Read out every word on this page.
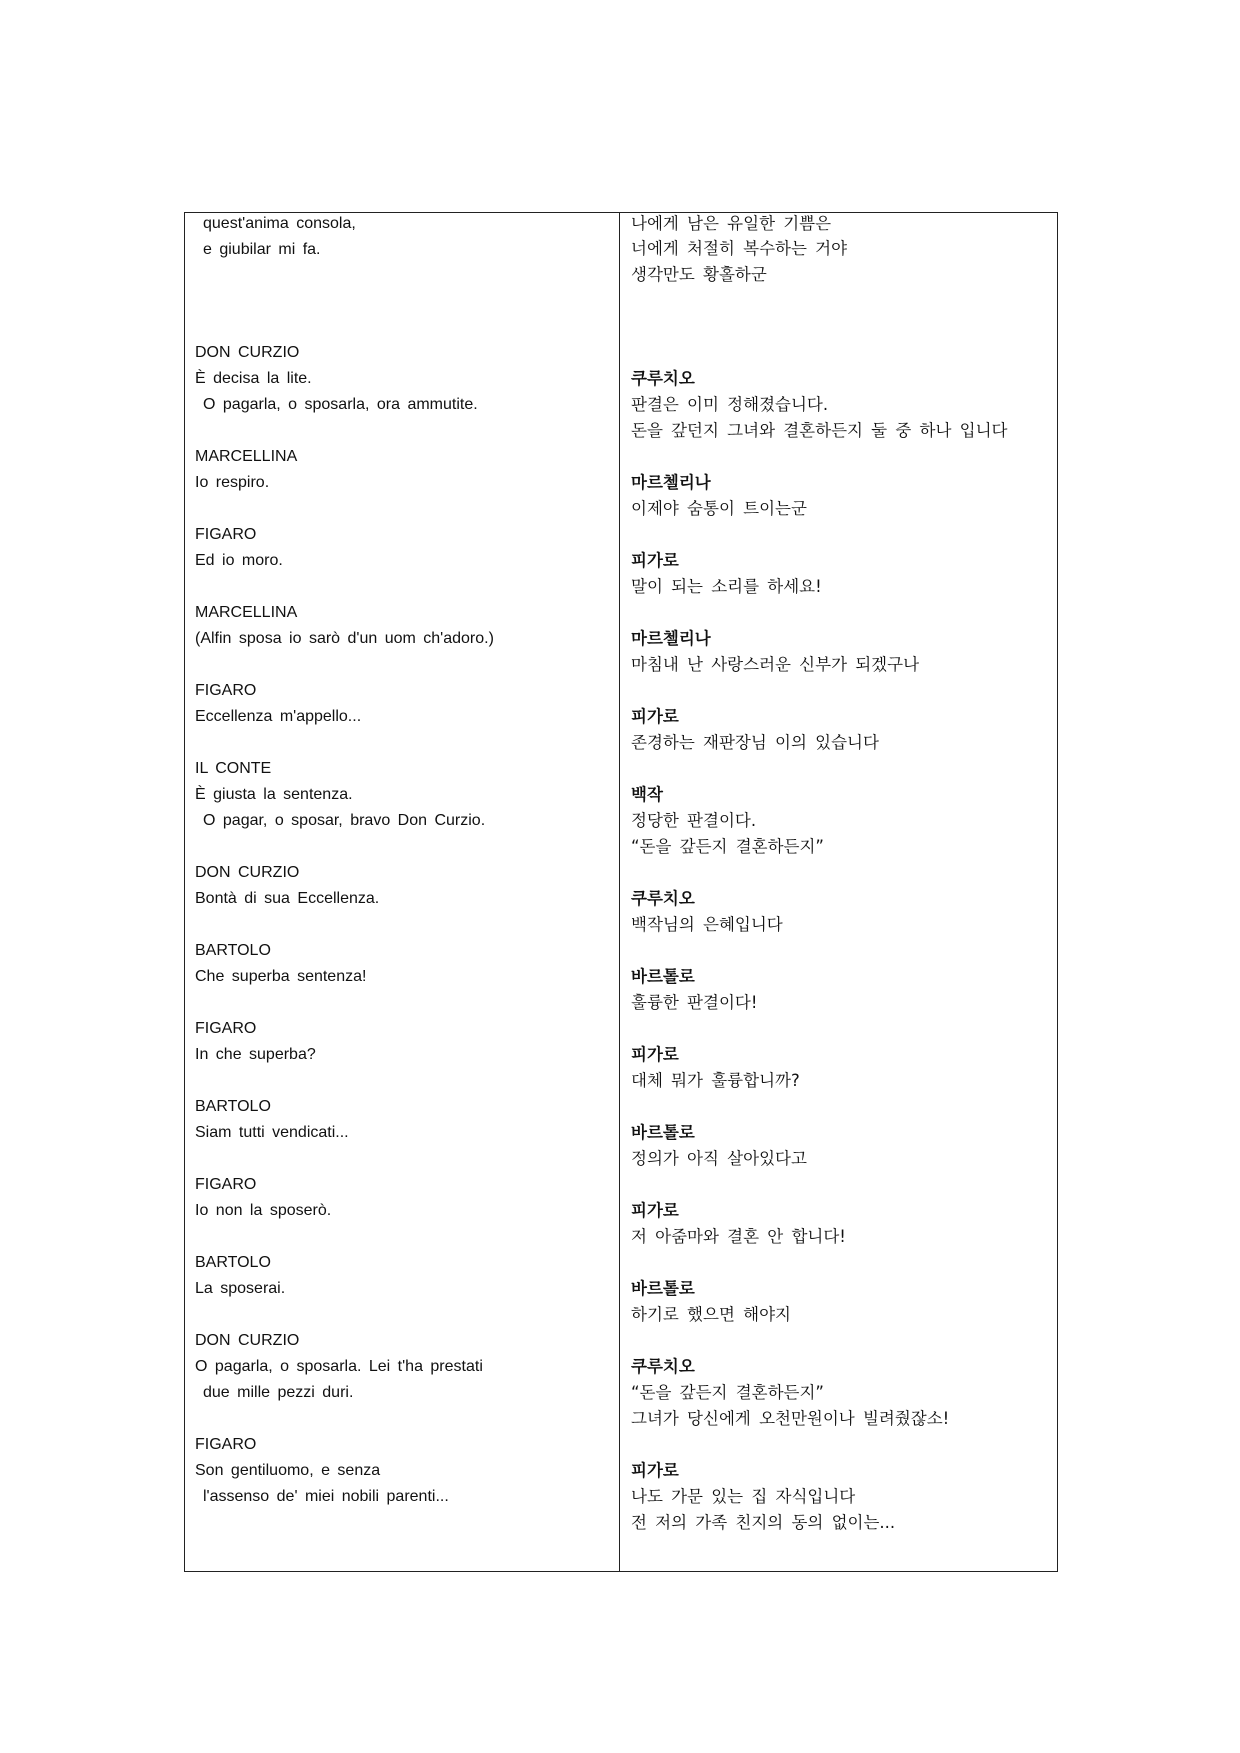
quest'anima consola,
e giubilar mi fa.
DON CURZIO
È decisa la lite.
O pagarla, o sposarla, ora ammutite.
MARCELLINA
Io respiro.
FIGARO
Ed io moro.
MARCELLINA
(Alfin sposa io sarò d'un uom ch'adoro.)
FIGARO
Eccellenza m'appello...
IL CONTE
È giusta la sentenza.
O pagar, o sposar, bravo Don Curzio.
DON CURZIO
Bontà di sua Eccellenza.
BARTOLO
Che superba sentenza!
FIGARO
In che superba?
BARTOLO
Siam tutti vendicati...
FIGARO
Io non la sposerò.
BARTOLO
La sposerai.
DON CURZIO
O pagarla, o sposarla. Lei t'ha prestati
due mille pezzi duri.
FIGARO
Son gentiluomo, e senza
l'assenso de' miei nobili parenti...
나에게 남은 유일한 기쁨은
너에게 처절히 복수하는 거야
생각만도 황홀하군
쿠루치오
판결은 이미 정해졌습니다.
돈을 갚던지 그녀와 결혼하든지 둘 중 하나 입니다
마르첼리나
이제야 숨통이 트이는군
피가로
말이 되는 소리를 하세요!
마르첼리나
마침내 난 사랑스러운 신부가 되겠구나
피가로
존경하는 재판장님 이의 있습니다
백작
정당한 판결이다.
“돈을 갚든지 결혼하든지”
쿠루치오
백작님의 은혜입니다
바르톨로
훌륭한 판결이다!
피가로
대체 뭐가 훌륭합니까?
바르톨로
정의가 아직 살아있다고
피가로
저 아줌마와 결혼 안 합니다!
바르톨로
하기로 했으면 해야지
쿠루치오
“돈을 갚든지 결혼하든지”
그녀가 당신에게 오천만원이나 빌려줬잖소!
피가로
나도 가문 있는 집 자식입니다
전 저의 가족 친지의 동의 없이는...
